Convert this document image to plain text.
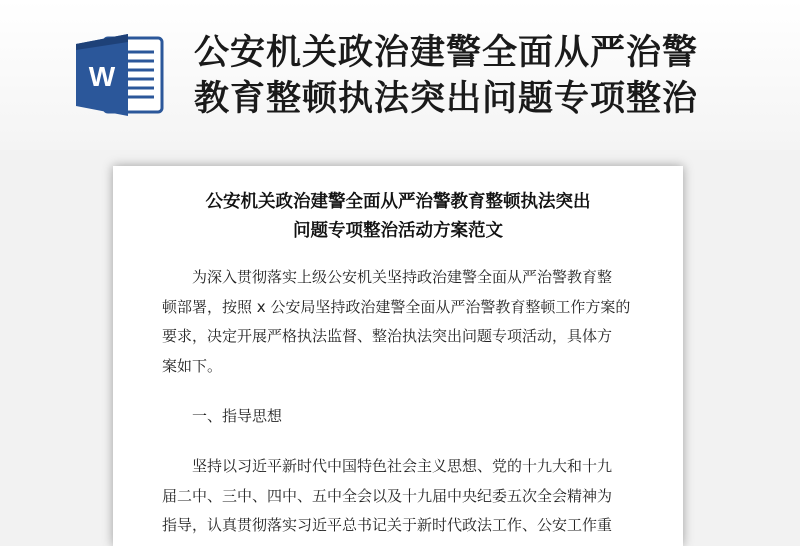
W
公安机关政治建警全面从严治警
教育整顿执法突出问题专项整治
公安机关政治建警全面从严治警教育整顿执法突出
问题专项整治活动方案范文
为深入贯彻落实上级公安机关坚持政治建警全面从严治警教育整
顿部署，按照 x 公安局坚持政治建警全面从严治警教育整顿工作方案的
要求，决定开展严格执法监督、整治执法突出问题专项活动，具体方
案如下。
一、指导思想
坚持以习近平新时代中国特色社会主义思想、党的十九大和十九
届二中、三中、四中、五中全会以及十九届中央纪委五次全会精神为
指导，认真贯彻落实习近平总书记关于新时代政法工作、公安工作重
